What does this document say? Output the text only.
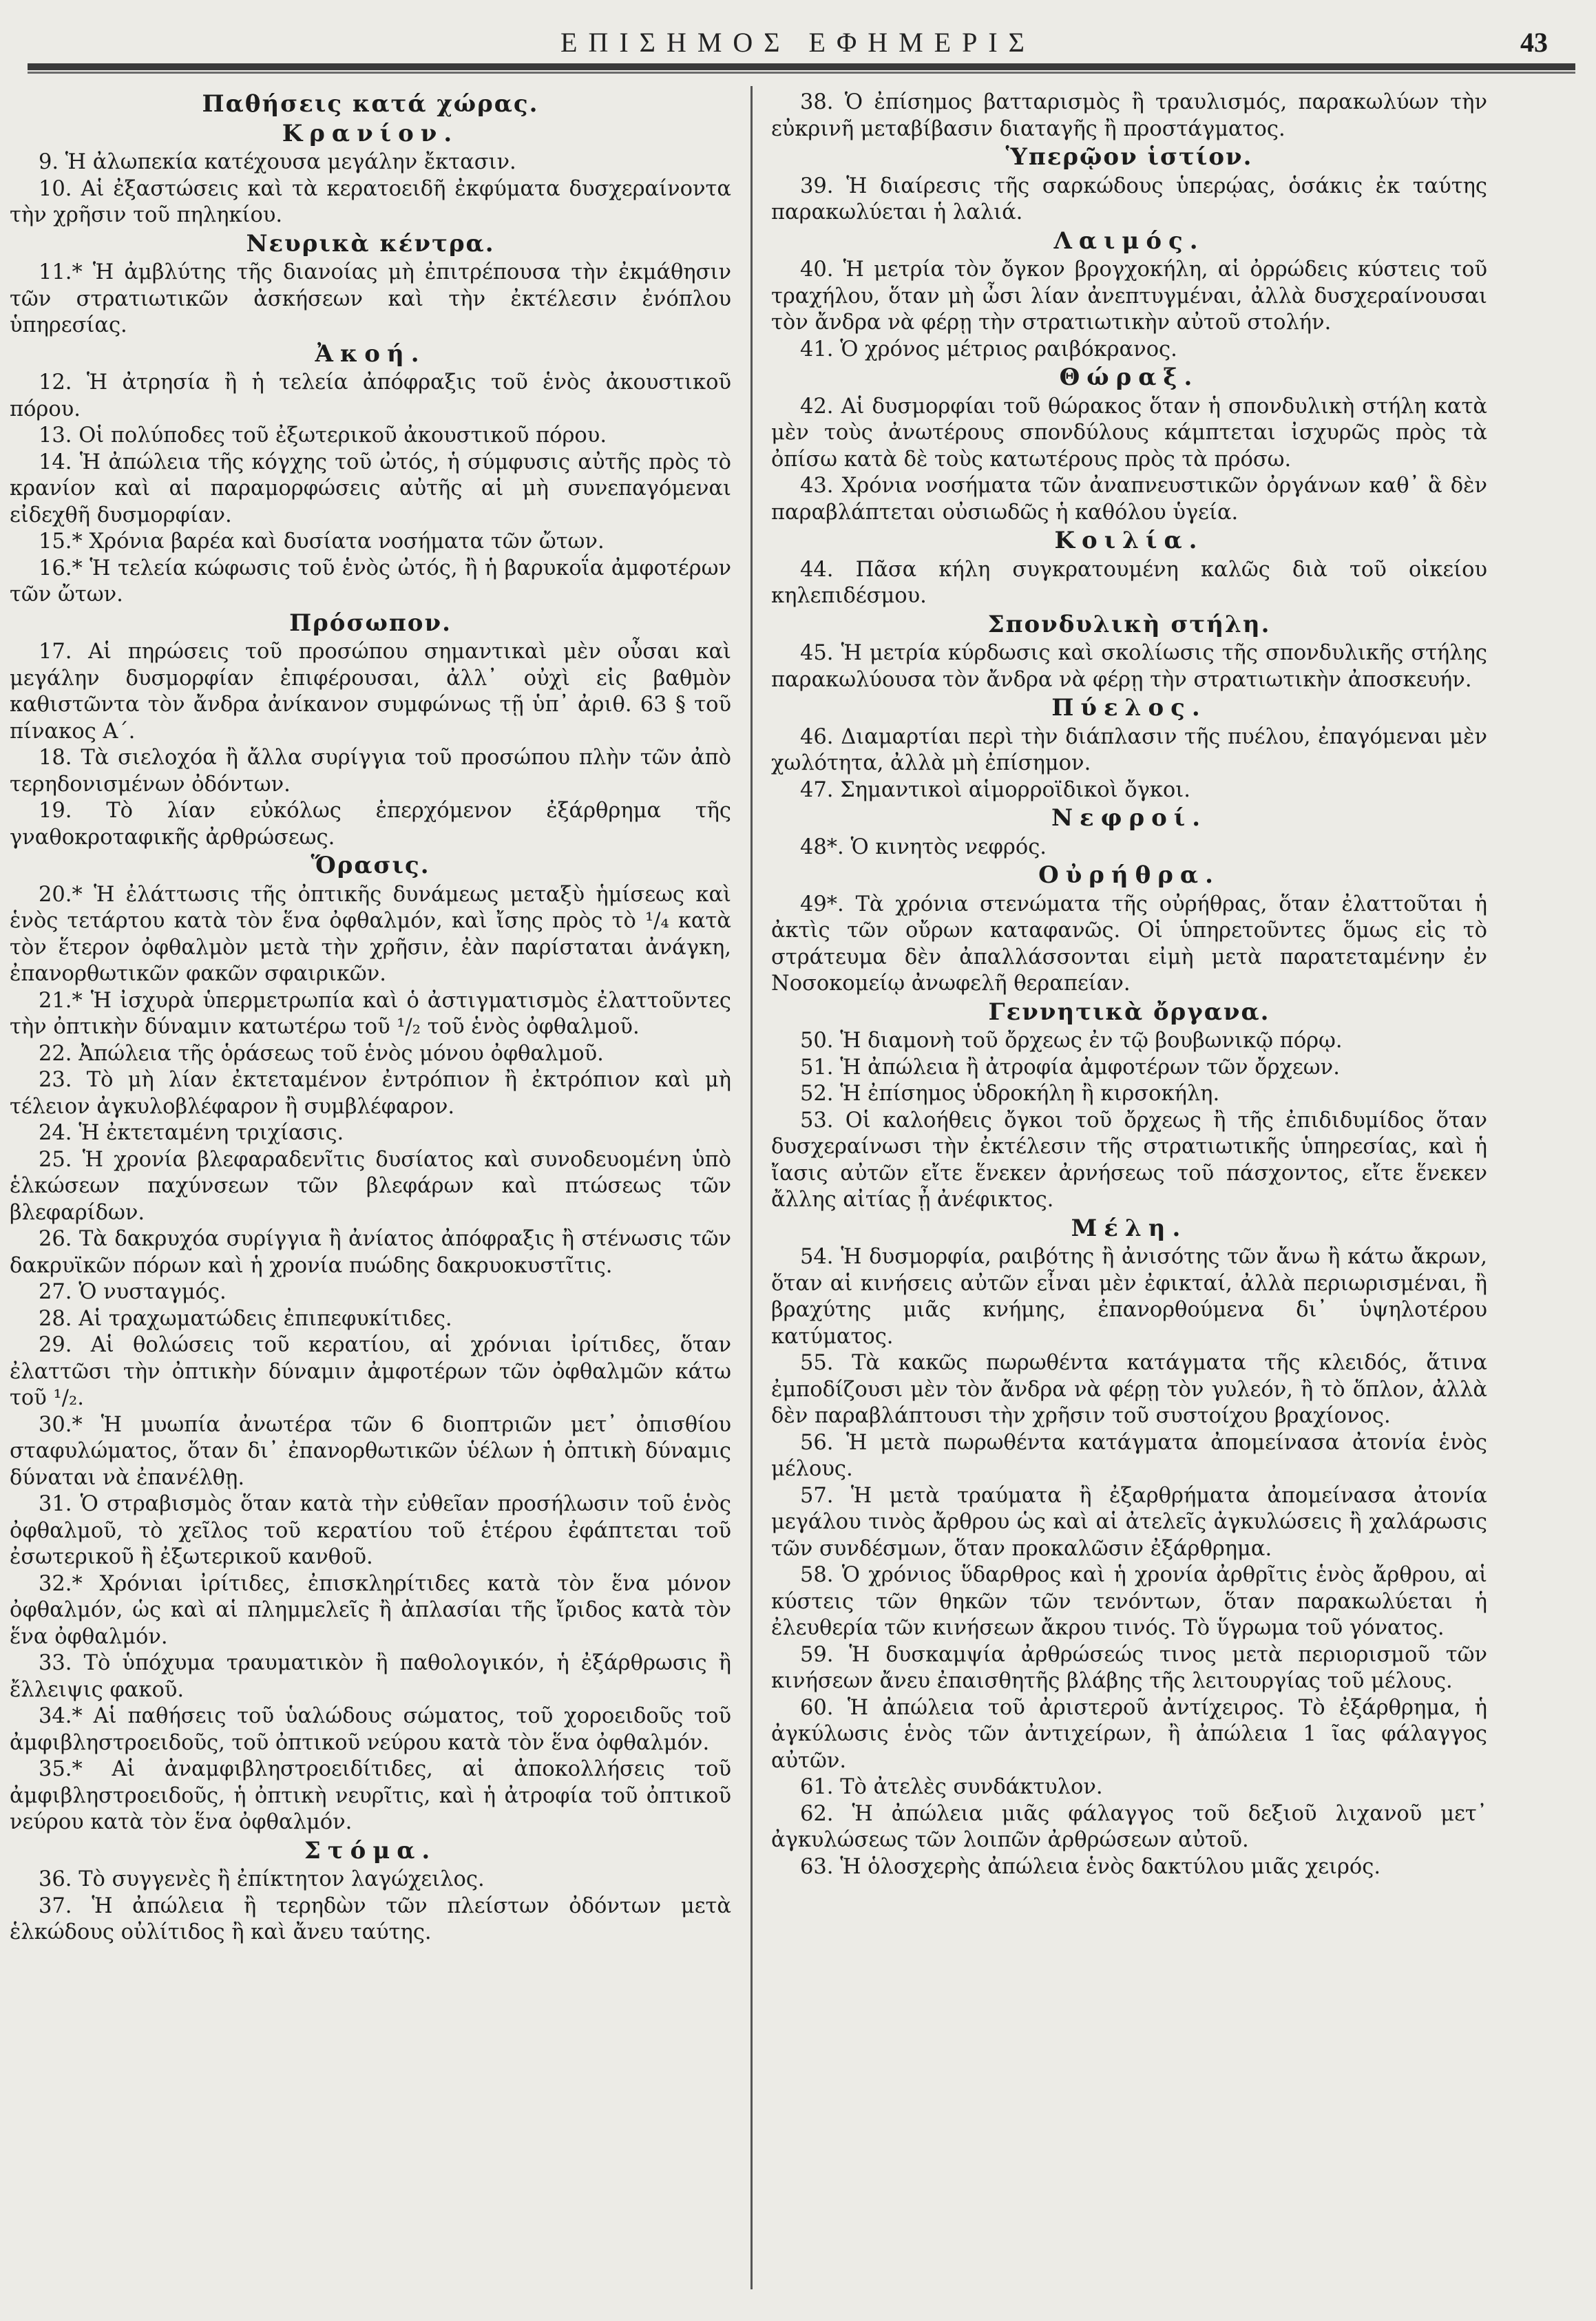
ΕΠΙΣΗΜΟΣ ΕΦΗΜΕΡΙΣ	43
Παθήσεις κατά χώρας.
Κρανίον.

9. Ἡ ἀλωπεκία κατέχουσα μεγάλην ἔκτασιν.

10. Αἱ ἐξαστώσεις καὶ τὰ κερατοειδῆ ἐκφύματα δυσχεραίνοντα τὴν χρῆσιν τοῦ πηληκίου.

Νευρικὰ κέντρα.

11.* Ἡ ἀμβλύτης τῆς διανοίας μὴ ἐπιτρέπουσα τὴν ἐκμάθησιν τῶν στρατιωτικῶν ἀσκήσεων καὶ τὴν ἐκτέλεσιν ἐνόπλου ὑπηρεσίας.

Ἀκοή.

12. Ἡ ἀτρησία ἢ ἡ τελεία ἀπόφραξις τοῦ ἑνὸς ἀκουστικοῦ πόρου.

13. Οἱ πολύποδες τοῦ ἐξωτερικοῦ ἀκουστικοῦ πόρου.

14. Ἡ ἀπώλεια τῆς κόγχης τοῦ ὠτός, ἡ σύμφυσις αὐτῆς πρὸς τὸ κρανίον καὶ αἱ παραμορφώσεις αὐτῆς αἱ μὴ συνεπαγόμεναι εἰδεχθῆ δυσμορφίαν.

15.* Χρόνια βαρέα καὶ δυσίατα νοσήματα τῶν ὤτων.

16.* Ἡ τελεία κώφωσις τοῦ ἑνὸς ὠτός, ἢ ἡ βαρυκοΐα ἀμφοτέρων τῶν ὤτων.

Πρόσωπον.

17. Αἱ πηρώσεις τοῦ προσώπου σημαντικαὶ μὲν οὖσαι καὶ μεγάλην δυσμορφίαν ἐπιφέρουσαι, ἀλλ᾽ οὐχὶ εἰς βαθμὸν καθιστῶντα τὸν ἄνδρα ἀνίκανον συμφώνως τῇ ὑπ᾽ ἀριθ. 63 § τοῦ πίνακος Α΄.

18. Τὰ σιελοχόα ἢ ἄλλα συρίγγια τοῦ προσώπου πλὴν τῶν ἀπὸ τερηδονισμένων ὀδόντων.

19. Τὸ λίαν εὐκόλως ἐπερχόμενον ἐξάρθρημα τῆς γναθοκροταφικῆς ἀρθρώσεως.

Ὅρασις.

20.* Ἡ ἐλάττωσις τῆς ὀπτικῆς δυνάμεως μεταξὺ ἡμίσεως καὶ ἑνὸς τετάρτου κατὰ τὸν ἕνα ὀφθαλμόν, καὶ ἴσης πρὸς τὸ ¹/₄ κατὰ τὸν ἕτερον ὀφθαλμὸν μετὰ τὴν χρῆσιν, ἐὰν παρίσταται ἀνάγκη, ἐπανορθωτικῶν φακῶν σφαιρικῶν.

21.* Ἡ ἰσχυρὰ ὑπερμετρωπία καὶ ὁ ἀστιγματισμὸς ἐλαττοῦντες τὴν ὀπτικὴν δύναμιν κατωτέρω τοῦ ¹/₂ τοῦ ἑνὸς ὀφθαλμοῦ.

22. Ἀπώλεια τῆς ὁράσεως τοῦ ἑνὸς μόνου ὀφθαλμοῦ.

23. Τὸ μὴ λίαν ἐκτεταμένον ἐντρόπιον ἢ ἐκτρόπιον καὶ μὴ τέλειον ἀγκυλοβλέφαρον ἢ συμβλέφαρον.

24. Ἡ ἐκτεταμένη τριχίασις.

25. Ἡ χρονία βλεφαραδενῖτις δυσίατος καὶ συνοδευομένη ὑπὸ ἑλκώσεων παχύνσεων τῶν βλεφάρων καὶ πτώσεως τῶν βλεφαρίδων.

26. Τὰ δακρυχόα συρίγγια ἢ ἀνίατος ἀπόφραξις ἢ στένωσις τῶν δακρυϊκῶν πόρων καὶ ἡ χρονία πυώδης δακρυοκυστῖτις.

27. Ὁ νυσταγμός.

28. Αἱ τραχωματώδεις ἐπιπεφυκίτιδες.

29. Αἱ θολώσεις τοῦ κερατίου, αἱ χρόνιαι ἰρίτιδες, ὅταν ἐλαττῶσι τὴν ὀπτικὴν δύναμιν ἀμφοτέρων τῶν ὀφθαλμῶν κάτω τοῦ ¹/₂.

30.* Ἡ μυωπία ἀνωτέρα τῶν 6 διοπτριῶν μετ᾽ ὀπισθίου σταφυλώματος, ὅταν δι᾽ ἐπανορθωτικῶν ὑέλων ἡ ὀπτικὴ δύναμις δύναται νὰ ἐπανέλθῃ.

31. Ὁ στραβισμὸς ὅταν κατὰ τὴν εὐθεῖαν προσήλωσιν τοῦ ἑνὸς ὀφθαλμοῦ, τὸ χεῖλος τοῦ κερατίου τοῦ ἑτέρου ἐφάπτεται τοῦ ἐσωτερικοῦ ἢ ἐξωτερικοῦ κανθοῦ.

32.* Χρόνιαι ἰρίτιδες, ἐπισκληρίτιδες κατὰ τὸν ἕνα μόνον ὀφθαλμόν, ὡς καὶ αἱ πλημμελεῖς ἢ ἀπλασίαι τῆς ἴριδος κατὰ τὸν ἕνα ὀφθαλμόν.

33. Τὸ ὑπόχυμα τραυματικὸν ἢ παθολογικόν, ἡ ἐξάρθρωσις ἢ ἔλλειψις φακοῦ.

34.* Αἱ παθήσεις τοῦ ὑαλώδους σώματος, τοῦ χοροειδοῦς τοῦ ἀμφιβληστροειδοῦς, τοῦ ὀπτικοῦ νεύρου κατὰ τὸν ἕνα ὀφθαλμόν.

35.* Αἱ ἀναμφιβληστροειδίτιδες, αἱ ἀποκολλήσεις τοῦ ἀμφιβληστροειδοῦς, ἡ ὀπτικὴ νευρῖτις, καὶ ἡ ἀτροφία τοῦ ὀπτικοῦ νεύρου κατὰ τὸν ἕνα ὀφθαλμόν.

Στόμα.

36. Τὸ συγγενὲς ἢ ἐπίκτητον λαγώχειλος.

37. Ἡ ἀπώλεια ἢ τερηδὼν τῶν πλείστων ὀδόντων μετὰ ἑλκώδους οὐλίτιδος ἢ καὶ ἄνευ ταύτης.

38. Ὁ ἐπίσημος βατταρισμὸς ἢ τραυλισμός, παρακωλύων τὴν εὐκρινῆ μεταβίβασιν διαταγῆς ἢ προστάγματος.

Ὑπερῷον ἱστίον.

39. Ἡ διαίρεσις τῆς σαρκώδους ὑπερῴας, ὁσάκις ἐκ ταύτης παρακωλύεται ἡ λαλιά.

Λαιμός.

40. Ἡ μετρία τὸν ὄγκον βρογχοκήλη, αἱ ὀρρώδεις κύστεις τοῦ τραχήλου, ὅταν μὴ ὦσι λίαν ἀνεπτυγμέναι, ἀλλὰ δυσχεραίνουσαι τὸν ἄνδρα νὰ φέρῃ τὴν στρατιωτικὴν αὐτοῦ στολήν.

41. Ὁ χρόνος μέτριος ραιβόκρανος.

Θώραξ.

42. Αἱ δυσμορφίαι τοῦ θώρακος ὅταν ἡ σπονδυλικὴ στήλη κατὰ μὲν τοὺς ἀνωτέρους σπονδύλους κάμπτεται ἰσχυρῶς πρὸς τὰ ὀπίσω κατὰ δὲ τοὺς κατωτέρους πρὸς τὰ πρόσω.

43. Χρόνια νοσήματα τῶν ἀναπνευστικῶν ὀργάνων καθ᾽ ἃ δὲν παραβλάπτεται οὐσιωδῶς ἡ καθόλου ὑγεία.

Κοιλία.

44. Πᾶσα κήλη συγκρατουμένη καλῶς διὰ τοῦ οἰκείου κηλεπιδέσμου.

Σπονδυλικὴ στήλη.

45. Ἡ μετρία κύρδωσις καὶ σκολίωσις τῆς σπονδυλικῆς στήλης παρακωλύουσα τὸν ἄνδρα νὰ φέρῃ τὴν στρατιωτικὴν ἀποσκευήν.

Πύελος.

46. Διαμαρτίαι περὶ τὴν διάπλασιν τῆς πυέλου, ἐπαγόμεναι μὲν χωλότητα, ἀλλὰ μὴ ἐπίσημον.

47. Σημαντικοὶ αἱμορροϊδικοὶ ὄγκοι.

Νεφροί.

48*. Ὁ κινητὸς νεφρός.

Οὐρήθρα.

49*. Τὰ χρόνια στενώματα τῆς οὐρήθρας, ὅταν ἐλαττοῦται ἡ ἀκτὶς τῶν οὔρων καταφανῶς. Οἱ ὑπηρετοῦντες ὅμως εἰς τὸ στράτευμα δὲν ἀπαλλάσσονται εἰμὴ μετὰ παρατεταμένην ἐν Νοσοκομείῳ ἀνωφελῆ θεραπείαν.

Γεννητικὰ ὄργανα.

50. Ἡ διαμονὴ τοῦ ὄρχεως ἐν τῷ βουβωνικῷ πόρῳ.

51. Ἡ ἀπώλεια ἢ ἀτροφία ἀμφοτέρων τῶν ὄρχεων.

52. Ἡ ἐπίσημος ὑδροκήλη ἢ κιρσοκήλη.

53. Οἱ καλοήθεις ὄγκοι τοῦ ὄρχεως ἢ τῆς ἐπιδιδυμίδος ὅταν δυσχεραίνωσι τὴν ἐκτέλεσιν τῆς στρατιωτικῆς ὑπηρεσίας, καὶ ἡ ἴασις αὐτῶν εἴτε ἕνεκεν ἀρνήσεως τοῦ πάσχοντος, εἴτε ἕνεκεν ἄλλης αἰτίας ᾖ ἀνέφικτος.

Μέλη.

54. Ἡ δυσμορφία, ραιβότης ἢ ἀνισότης τῶν ἄνω ἢ κάτω ἄκρων, ὅταν αἱ κινήσεις αὐτῶν εἶναι μὲν ἐφικταί, ἀλλὰ περιωρισμέναι, ἢ βραχύτης μιᾶς κνήμης, ἐπανορθούμενα δι᾽ ὑψηλοτέρου κατύματος.

55. Τὰ κακῶς πωρωθέντα κατάγματα τῆς κλειδός, ἅτινα ἐμποδίζουσι μὲν τὸν ἄνδρα νὰ φέρῃ τὸν γυλεόν, ἢ τὸ ὅπλον, ἀλλὰ δὲν παραβλάπτουσι τὴν χρῆσιν τοῦ συστοίχου βραχίονος.

56. Ἡ μετὰ πωρωθέντα κατάγματα ἀπομείνασα ἀτονία ἑνὸς μέλους.

57. Ἡ μετὰ τραύματα ἢ ἐξαρθρήματα ἀπομείνασα ἀτονία μεγάλου τινὸς ἄρθρου ὡς καὶ αἱ ἀτελεῖς ἀγκυλώσεις ἢ χαλάρωσις τῶν συνδέσμων, ὅταν προκαλῶσιν ἐξάρθρημα.

58. Ὁ χρόνιος ὕδαρθρος καὶ ἡ χρονία ἀρθρῖτις ἑνὸς ἄρθρου, αἱ κύστεις τῶν θηκῶν τῶν τενόντων, ὅταν παρακωλύεται ἡ ἐλευθερία τῶν κινήσεων ἄκρου τινός. Τὸ ὕγρωμα τοῦ γόνατος.

59. Ἡ δυσκαμψία ἀρθρώσεώς τινος μετὰ περιορισμοῦ τῶν κινήσεων ἄνευ ἐπαισθητῆς βλάβης τῆς λειτουργίας τοῦ μέλους.

60. Ἡ ἀπώλεια τοῦ ἀριστεροῦ ἀντίχειρος. Τὸ ἐξάρθρημα, ἡ ἀγκύλωσις ἑνὸς τῶν ἀντιχείρων, ἢ ἀπώλεια 1 ῖας φάλαγγος αὐτῶν.

61. Τὸ ἀτελὲς συνδάκτυλον.

62. Ἡ ἀπώλεια μιᾶς φάλαγγος τοῦ δεξιοῦ λιχανοῦ μετ᾽ ἀγκυλώσεως τῶν λοιπῶν ἀρθρώσεων αὐτοῦ.

63. Ἡ ὁλοσχερὴς ἀπώλεια ἑνὸς δακτύλου μιᾶς χειρός.
